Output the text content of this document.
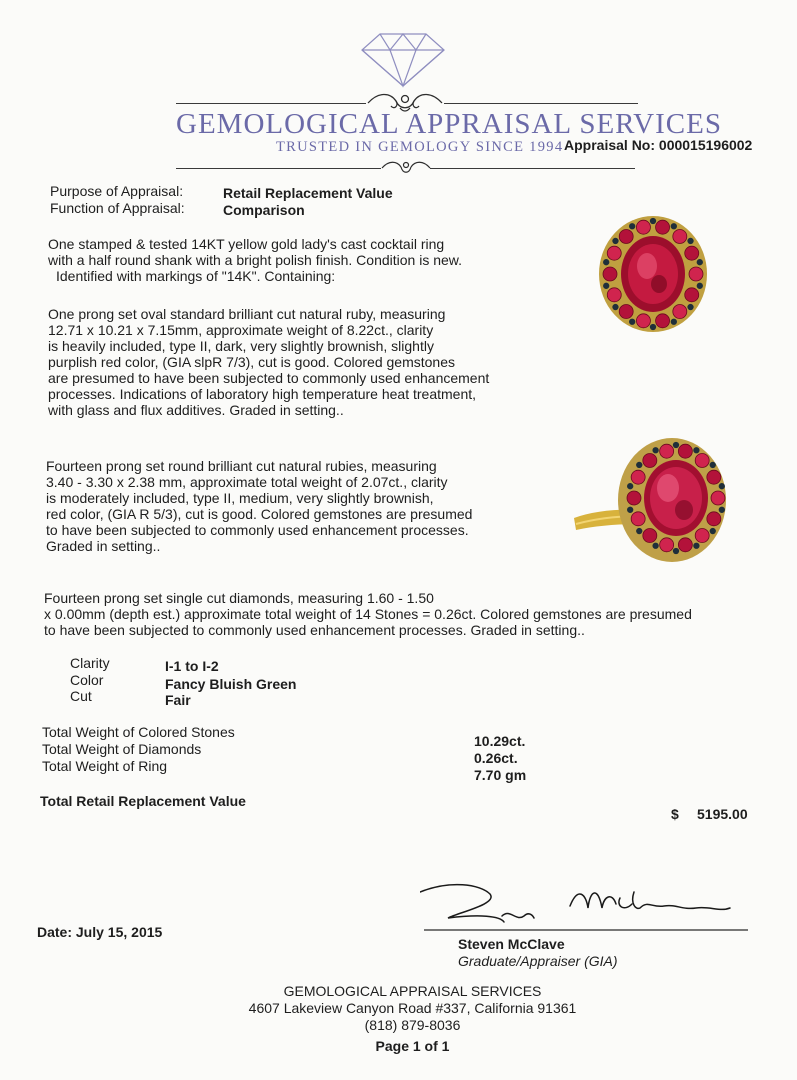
GEMOLOGICAL APPRAISAL SERVICES
TRUSTED IN GEMOLOGY SINCE 1994 Appraisal No: 000015196002
Purpose of Appraisal:	Retail Replacement Value
Function of Appraisal:	Comparison
One stamped & tested 14KT yellow gold lady's cast cocktail ring
with a half round shank with a bright polish finish. Condition is new.
Identified with markings of "14K". Containing:
One prong set oval standard brilliant cut natural ruby, measuring
12.71 x 10.21 x 7.15mm, approximate weight of 8.22ct., clarity
is heavily included, type II, dark, very slightly brownish, slightly
purplish red color, (GIA slpR 7/3), cut is good. Colored gemstones
are presumed to have been subjected to commonly used enhancement
processes. Indications of laboratory high temperature heat treatment,
with glass and flux additives. Graded in setting..
Fourteen prong set round brilliant cut natural rubies, measuring
3.40 - 3.30 x 2.38 mm, approximate total weight of 2.07ct., clarity
is moderately included, type II, medium, very slightly brownish,
red color, (GIA R 5/3), cut is good. Colored gemstones are presumed
to have been subjected to commonly used enhancement processes.
Graded in setting..
Fourteen prong set single cut diamonds, measuring 1.60 - 1.50
x 0.00mm (depth est.) approximate total weight of 14 Stones = 0.26ct. Colored gemstones are presumed
to have been subjected to commonly used enhancement processes. Graded in setting..
Clarity	I-1 to I-2
Color	Fancy Bluish Green
Cut	Fair
Total Weight of Colored Stones
10.29ct.
Total Weight of Diamonds
0.26ct.
Total Weight of Ring
7.70 gm
Total Retail Replacement Value
$ 5195.00
Date: July 15, 2015
Steven McClave
Graduate/Appraiser (GIA)
GEMOLOGICAL APPRAISAL SERVICES
4607 Lakeview Canyon Road #337, California 91361
(818) 879-8036
Page 1 of 1
